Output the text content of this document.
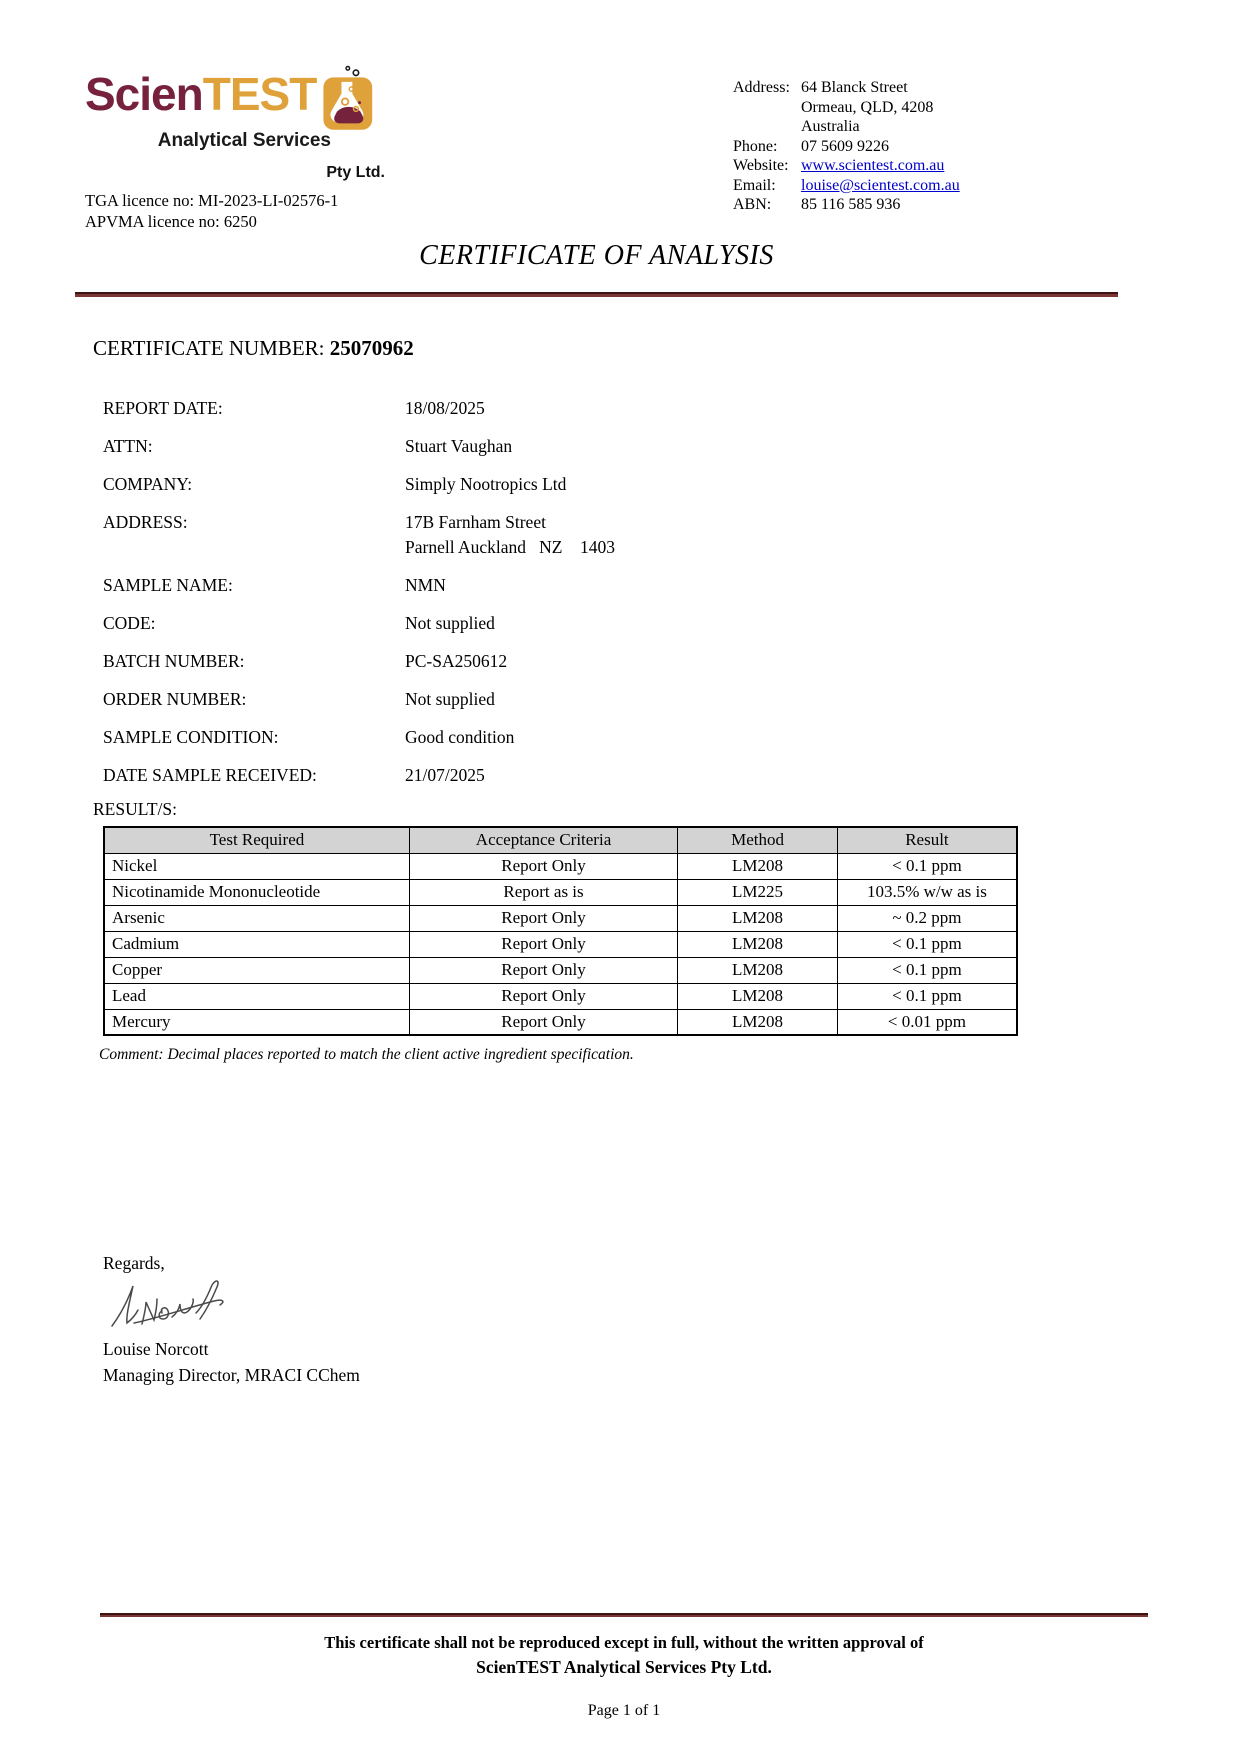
ScienTEST
Analytical Services
Pty Ltd.
TGA licence no: MI-2023-LI-02576-1
APVMA licence no: 6250
Address: 64 Blanck Street
Ormeau, QLD, 4208
Australia
Phone:	07 5609 9226
Website: www.scientest.com.au
Email:	louise@scientest.com.au
ABN:	85 116 585 936
CERTIFICATE OF ANALYSIS
CERTIFICATE NUMBER: 25070962
REPORT DATE:	18/08/2025
ATTN:	Stuart Vaughan
COMPANY:	Simply Nootropics Ltd
ADDRESS:	17B Farnham Street
Parnell Auckland   NZ    1403
SAMPLE NAME:	NMN
CODE:	Not supplied
BATCH NUMBER:	PC-SA250612
ORDER NUMBER:	Not supplied
SAMPLE CONDITION:	Good condition
DATE SAMPLE RECEIVED:	21/07/2025
RESULT/S:
Test Required	Acceptance Criteria	Method	Result
Nickel	Report Only	LM208	< 0.1 ppm
Nicotinamide Mononucleotide	Report as is	LM225	103.5% w/w as is
Arsenic	Report Only	LM208	~ 0.2 ppm
Cadmium	Report Only	LM208	< 0.1 ppm
Copper	Report Only	LM208	< 0.1 ppm
Lead	Report Only	LM208	< 0.1 ppm
Mercury	Report Only	LM208	< 0.01 ppm
Comment: Decimal places reported to match the client active ingredient specification.
Regards,
Louise Norcott
Managing Director, MRACI CChem
This certificate shall not be reproduced except in full, without the written approval of
ScienTEST Analytical Services Pty Ltd.
Page 1 of 1
